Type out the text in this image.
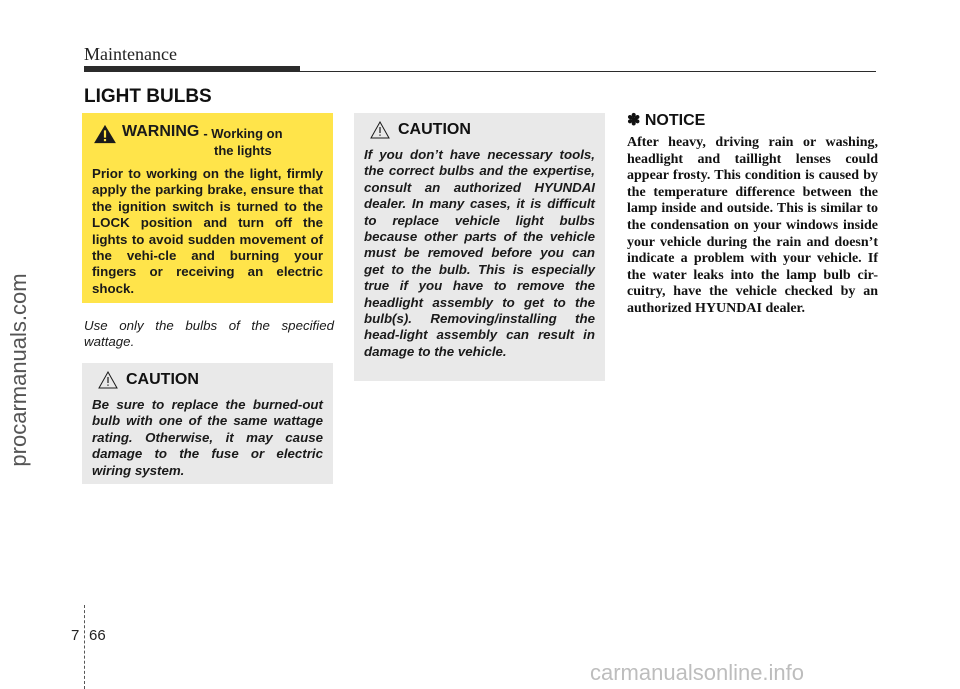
procarmanuals.com
Maintenance
LIGHT BULBS
WARNING - Working on
the lights
Prior to working on the light, firmly apply the parking brake, ensure that the ignition switch is turned to the LOCK position and turn off the lights to avoid sudden movement of the vehi-cle and burning your fingers or receiving an electric shock.
Use only the bulbs of the specified wattage.
CAUTION
Be sure to replace the burned-out bulb with one of the same wattage rating. Otherwise, it may cause damage to the fuse or electric wiring system.
CAUTION
If you don’t have necessary tools, the correct bulbs and the expertise, consult an authorized HYUNDAI dealer. In many cases, it is difficult to replace vehicle light bulbs because other parts of the vehicle must be removed before you can get to the bulb. This is especially true if you have to remove the headlight assembly to get to the bulb(s). Removing/installing the head-light assembly can result in damage to the vehicle.
✽ NOTICE
After heavy, driving rain or washing, headlight and taillight lenses could appear frosty. This condition is caused by the temperature difference between the lamp inside and outside. This is similar to the condensation on your windows inside your vehicle during the rain and doesn’t indicate a problem with your vehicle. If the water leaks into the lamp bulb cir-cuitry, have the vehicle checked by an authorized HYUNDAI dealer.
7 66
carmanualsonline.info
